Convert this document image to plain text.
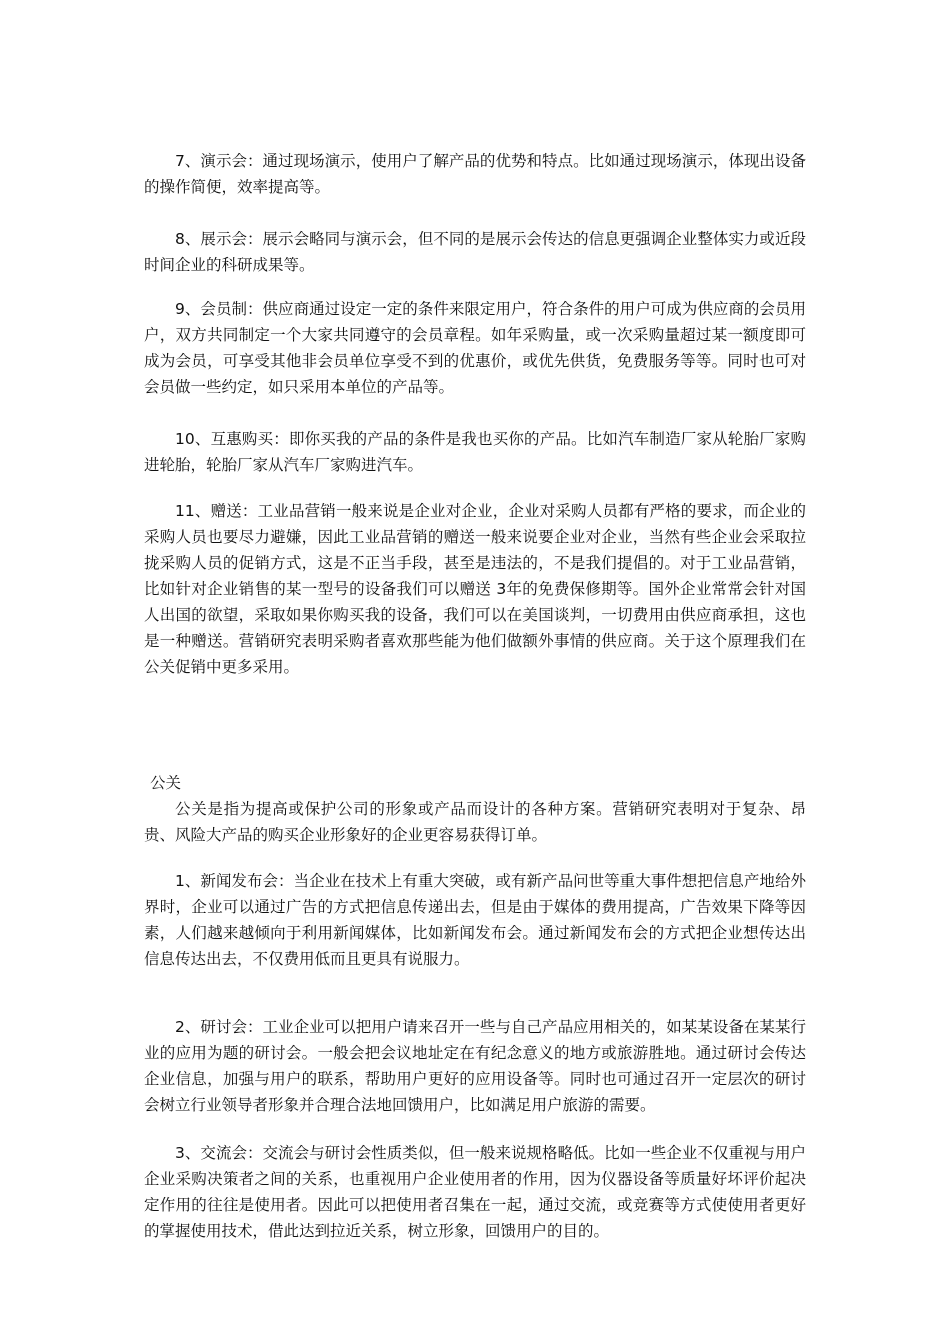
7、演示会：通过现场演示，使用户了解产品的优势和特点。比如通过现场演示，体现出设备的操作简便，效率提高等。

8、展示会：展示会略同与演示会，但不同的是展示会传达的信息更强调企业整体实力或近段时间企业的科研成果等。

9、会员制：供应商通过设定一定的条件来限定用户，符合条件的用户可成为供应商的会员用户，双方共同制定一个大家共同遵守的会员章程。如年采购量，或一次采购量超过某一额度即可成为会员，可享受其他非会员单位享受不到的优惠价，或优先供货，免费服务等等。同时也可对会员做一些约定，如只采用本单位的产品等。

10、互惠购买：即你买我的产品的条件是我也买你的产品。比如汽车制造厂家从轮胎厂家购进轮胎，轮胎厂家从汽车厂家购进汽车。

11、赠送：工业品营销一般来说是企业对企业，企业对采购人员都有严格的要求，而企业的采购人员也要尽力避嫌，因此工业品营销的赠送一般来说要企业对企业，当然有些企业会采取拉拢采购人员的促销方式，这是不正当手段，甚至是违法的，不是我们提倡的。对于工业品营销，比如针对企业销售的某一型号的设备我们可以赠送 3年的免费保修期等。国外企业常常会针对国人出国的欲望，采取如果你购买我的设备，我们可以在美国谈判，一切费用由供应商承担，这也是一种赠送。营销研究表明采购者喜欢那些能为他们做额外事情的供应商。关于这个原理我们在公关促销中更多采用。

公关

公关是指为提高或保护公司的形象或产品而设计的各种方案。营销研究表明对于复杂、昂贵、风险大产品的购买企业形象好的企业更容易获得订单。

1、新闻发布会：当企业在技术上有重大突破，或有新产品问世等重大事件想把信息产地给外界时，企业可以通过广告的方式把信息传递出去，但是由于媒体的费用提高，广告效果下降等因素，人们越来越倾向于利用新闻媒体，比如新闻发布会。通过新闻发布会的方式把企业想传达出信息传达出去，不仅费用低而且更具有说服力。

2、研讨会：工业企业可以把用户请来召开一些与自己产品应用相关的，如某某设备在某某行业的应用为题的研讨会。一般会把会议地址定在有纪念意义的地方或旅游胜地。通过研讨会传达企业信息，加强与用户的联系，帮助用户更好的应用设备等。同时也可通过召开一定层次的研讨会树立行业领导者形象并合理合法地回馈用户，比如满足用户旅游的需要。

3、交流会：交流会与研讨会性质类似，但一般来说规格略低。比如一些企业不仅重视与用户企业采购决策者之间的关系，也重视用户企业使用者的作用，因为仪器设备等质量好坏评价起决定作用的往往是使用者。因此可以把使用者召集在一起，通过交流，或竞赛等方式使使用者更好的掌握使用技术，借此达到拉近关系，树立形象，回馈用户的目的。
